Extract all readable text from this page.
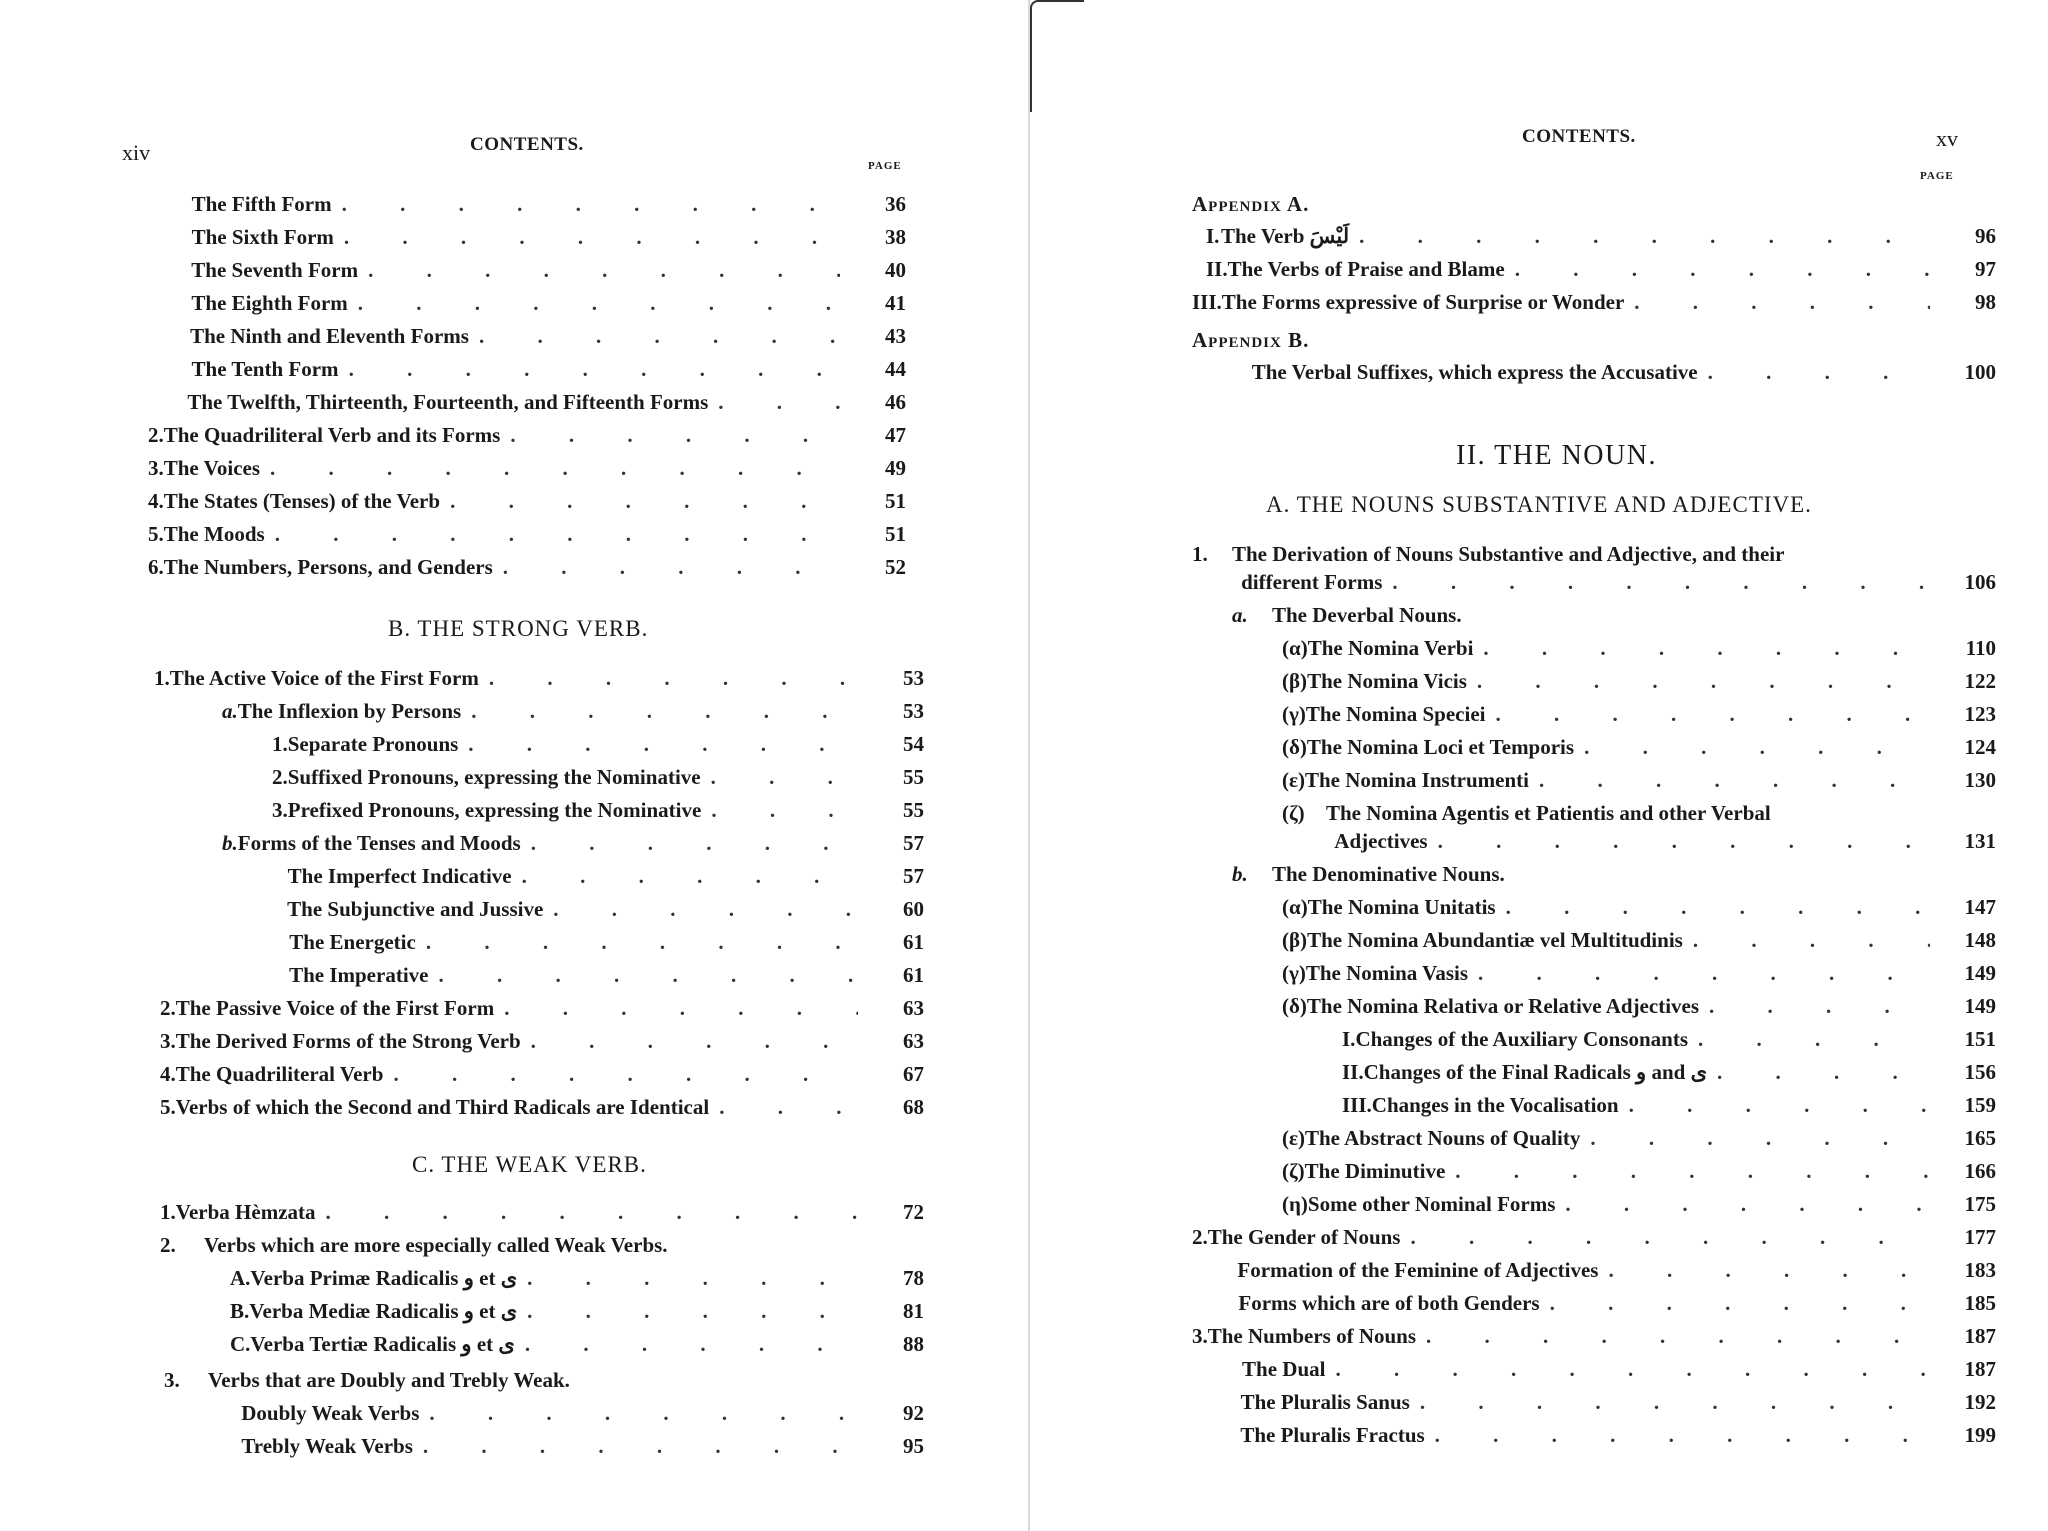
xiv	CONTENTS.
PAGE
The Fifth Form . . .	36
The Sixth Form . . .	38
The Seventh Form . . .	40
The Eighth Form . . .	41
The Ninth and Eleventh Forms . . .	43
The Tenth Form . . .	44
The Twelfth, Thirteenth, Fourteenth, and Fifteenth Forms . . .	46
2. The Quadriliteral Verb and its Forms . . .	47
3. The Voices . . .	49
4. The States (Tenses) of the Verb . . .	51
5. The Moods . . .	51
6. The Numbers, Persons, and Genders . . .	52
B. THE STRONG VERB.
1. The Active Voice of the First Form . . .	53
a. The Inflexion by Persons . . .	53
1. Separate Pronouns . . .	54
2. Suffixed Pronouns, expressing the Nominative . . .	55
3. Prefixed Pronouns, expressing the Nominative . . .	55
b. Forms of the Tenses and Moods . . .	57
The Imperfect Indicative . . .	57
The Subjunctive and Jussive . . .	60
The Energetic . . .	61
The Imperative . . .	61
2. The Passive Voice of the First Form . . .	63
3. The Derived Forms of the Strong Verb . . .	63
4. The Quadriliteral Verb . . .	67
5. Verbs of which the Second and Third Radicals are Identical . . .	68
C. THE WEAK VERB.
1. Verba Hèmzata . . .	72
2.	Verbs which are more especially called Weak Verbs.
A. Verba Primæ Radicalis و et ى . . .	78
B. Verba Mediæ Radicalis و et ى . . .	81
C. Verba Tertiæ Radicalis و et ى . . .	88
3.	Verbs that are Doubly and Trebly Weak.
Doubly Weak Verbs . . .	92
Trebly Weak Verbs . . .	95
CONTENTS.	xv
PAGE
Appendix A.
I. The Verb لَيْسَ . . .	96
II. The Verbs of Praise and Blame . . .	97
III. The Forms expressive of Surprise or Wonder . . .	98
Appendix B.
The Verbal Suffixes, which express the Accusative . . .	100
II. THE NOUN.
A. THE NOUNS SUBSTANTIVE AND ADJECTIVE.
1.	The Derivation of Nouns Substantive and Adjective, and their
different Forms . . .	106
a.	The Deverbal Nouns.
(α) The Nomina Verbi . . .	110
(β) The Nomina Vicis . . .	122
(γ) The Nomina Speciei . . .	123
(δ) The Nomina Loci et Temporis . . .	124
(ε) The Nomina Instrumenti . . .	130
(ζ)	The Nomina Agentis et Patientis and other Verbal
Adjectives . . .	131
b.	The Denominative Nouns.
(α) The Nomina Unitatis . . .	147
(β) The Nomina Abundantiæ vel Multitudinis . . .	148
(γ) The Nomina Vasis . . .	149
(δ) The Nomina Relativa or Relative Adjectives . . .	149
I. Changes of the Auxiliary Consonants . . .	151
II. Changes of the Final Radicals و and ى . . .	156
III. Changes in the Vocalisation . . .	159
(ε) The Abstract Nouns of Quality . . .	165
(ζ) The Diminutive . . .	166
(η) Some other Nominal Forms . . .	175
2. The Gender of Nouns . . .	177
Formation of the Feminine of Adjectives . . .	183
Forms which are of both Genders . . .	185
3. The Numbers of Nouns . . .	187
The Dual . . .	187
The Pluralis Sanus . . .	192
The Pluralis Fractus . . .	199
